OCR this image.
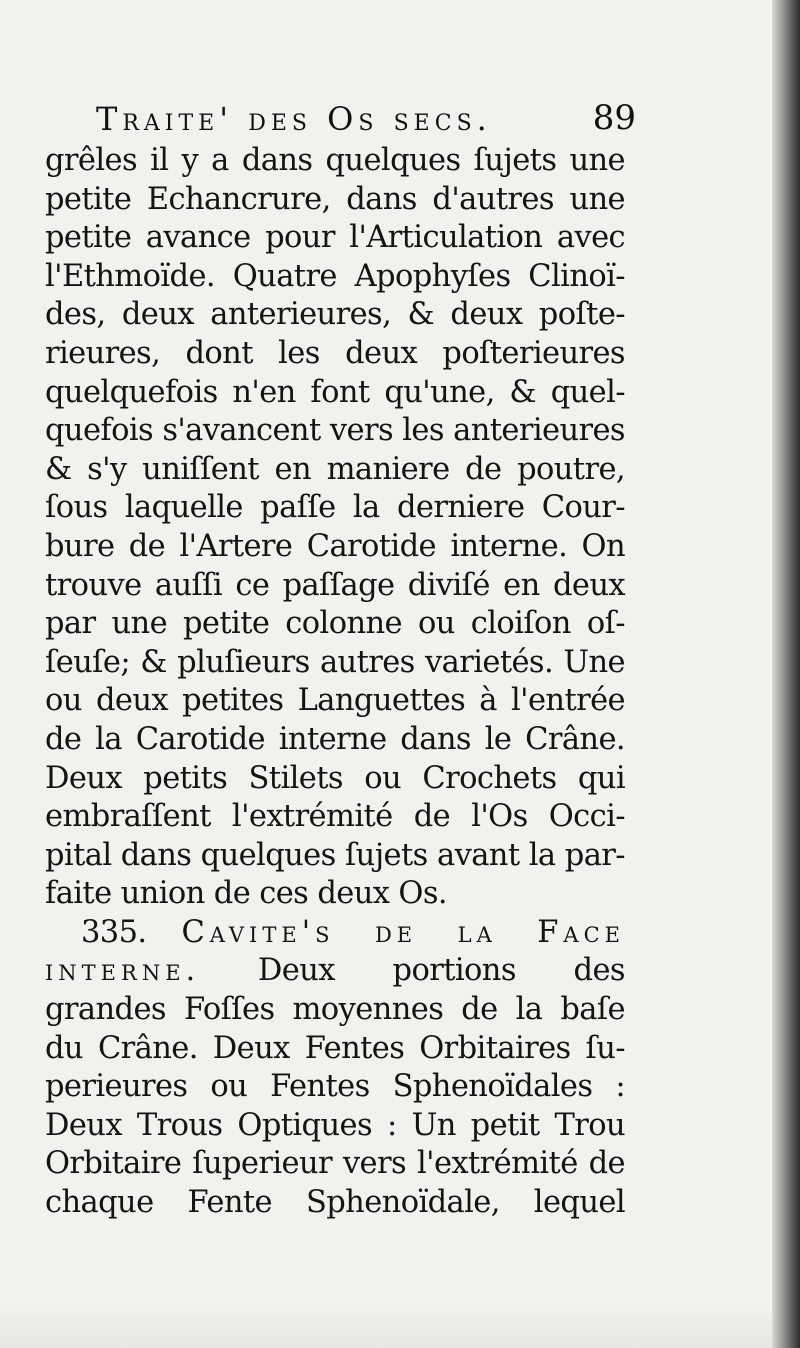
Traite' des Os secs.	89
grêles il y a dans quelques ſujets une
petite Echancrure, dans d'autres une
petite avance pour l'Articulation avec
l'Ethmoïde. Quatre Apophyſes Clinoï-
des, deux anterieures, & deux poſte-
rieures, dont les deux poſterieures
quelquefois n'en font qu'une, & quel-
quefois s'avancent vers les anterieures
& s'y uniſſent en maniere de poutre,
ſous laquelle paſſe la derniere Cour-
bure de l'Artere Carotide interne. On
trouve auſſi ce paſſage diviſé en deux
par une petite colonne ou cloiſon oſ-
ſeuſe; & pluſieurs autres varietés. Une
ou deux petites Languettes à l'entrée
de la Carotide interne dans le Crâne.
Deux petits Stilets ou Crochets qui
embraſſent l'extrémité de l'Os Occi-
pital dans quelques ſujets avant la par-
faite union de ces deux Os.
335. Cavite's de la Face
interne. Deux portions des
grandes Foſſes moyennes de la baſe
du Crâne. Deux Fentes Orbitaires ſu-
perieures ou Fentes Sphenoïdales :
Deux Trous Optiques : Un petit Trou
Orbitaire ſuperieur vers l'extrémité de
chaque Fente Sphenoïdale, lequel
